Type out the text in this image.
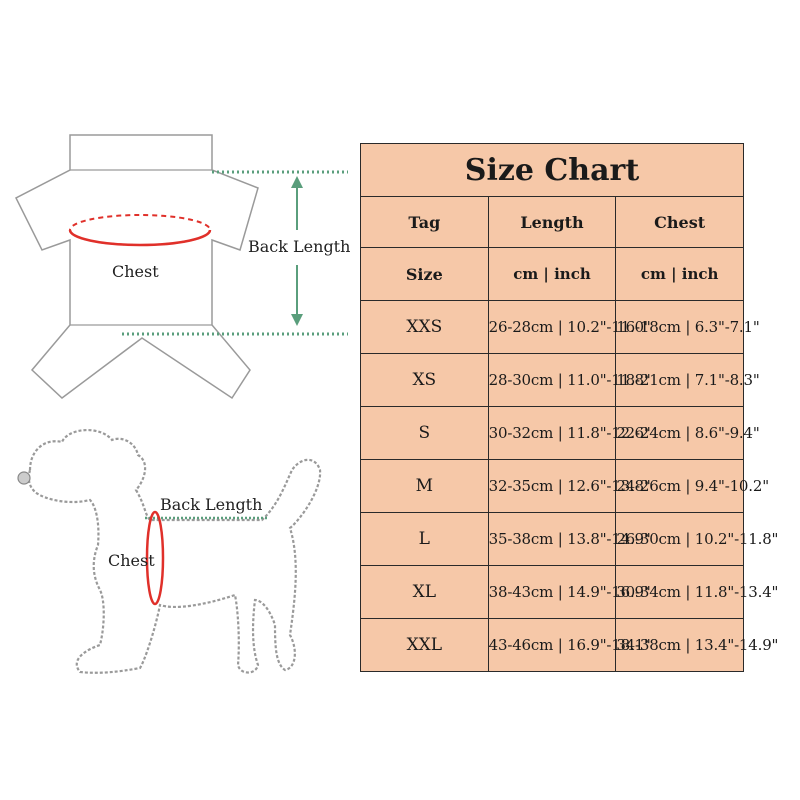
Chest
Back Length
Back Length
Chest
Size Chart		
Tag	Length	Chest
Size	cm | inch	cm | inch
XXS	26-28cm | 10.2"-11.0"	16-18cm | 6.3"-7.1"
XS	28-30cm | 11.0"-11.8"	18-21cm | 7.1"-8.3"
S	30-32cm | 11.8"-12.6"	22-24cm | 8.6"-9.4"
M	32-35cm | 12.6"-13.8"	24-26cm | 9.4"-10.2"
L	35-38cm | 13.8"-14.9"	26-30cm | 10.2"-11.8"
XL	38-43cm | 14.9"-16.9"	30-34cm | 11.8"-13.4"
XXL	43-46cm | 16.9"-18.1"	34-38cm | 13.4"-14.9"
